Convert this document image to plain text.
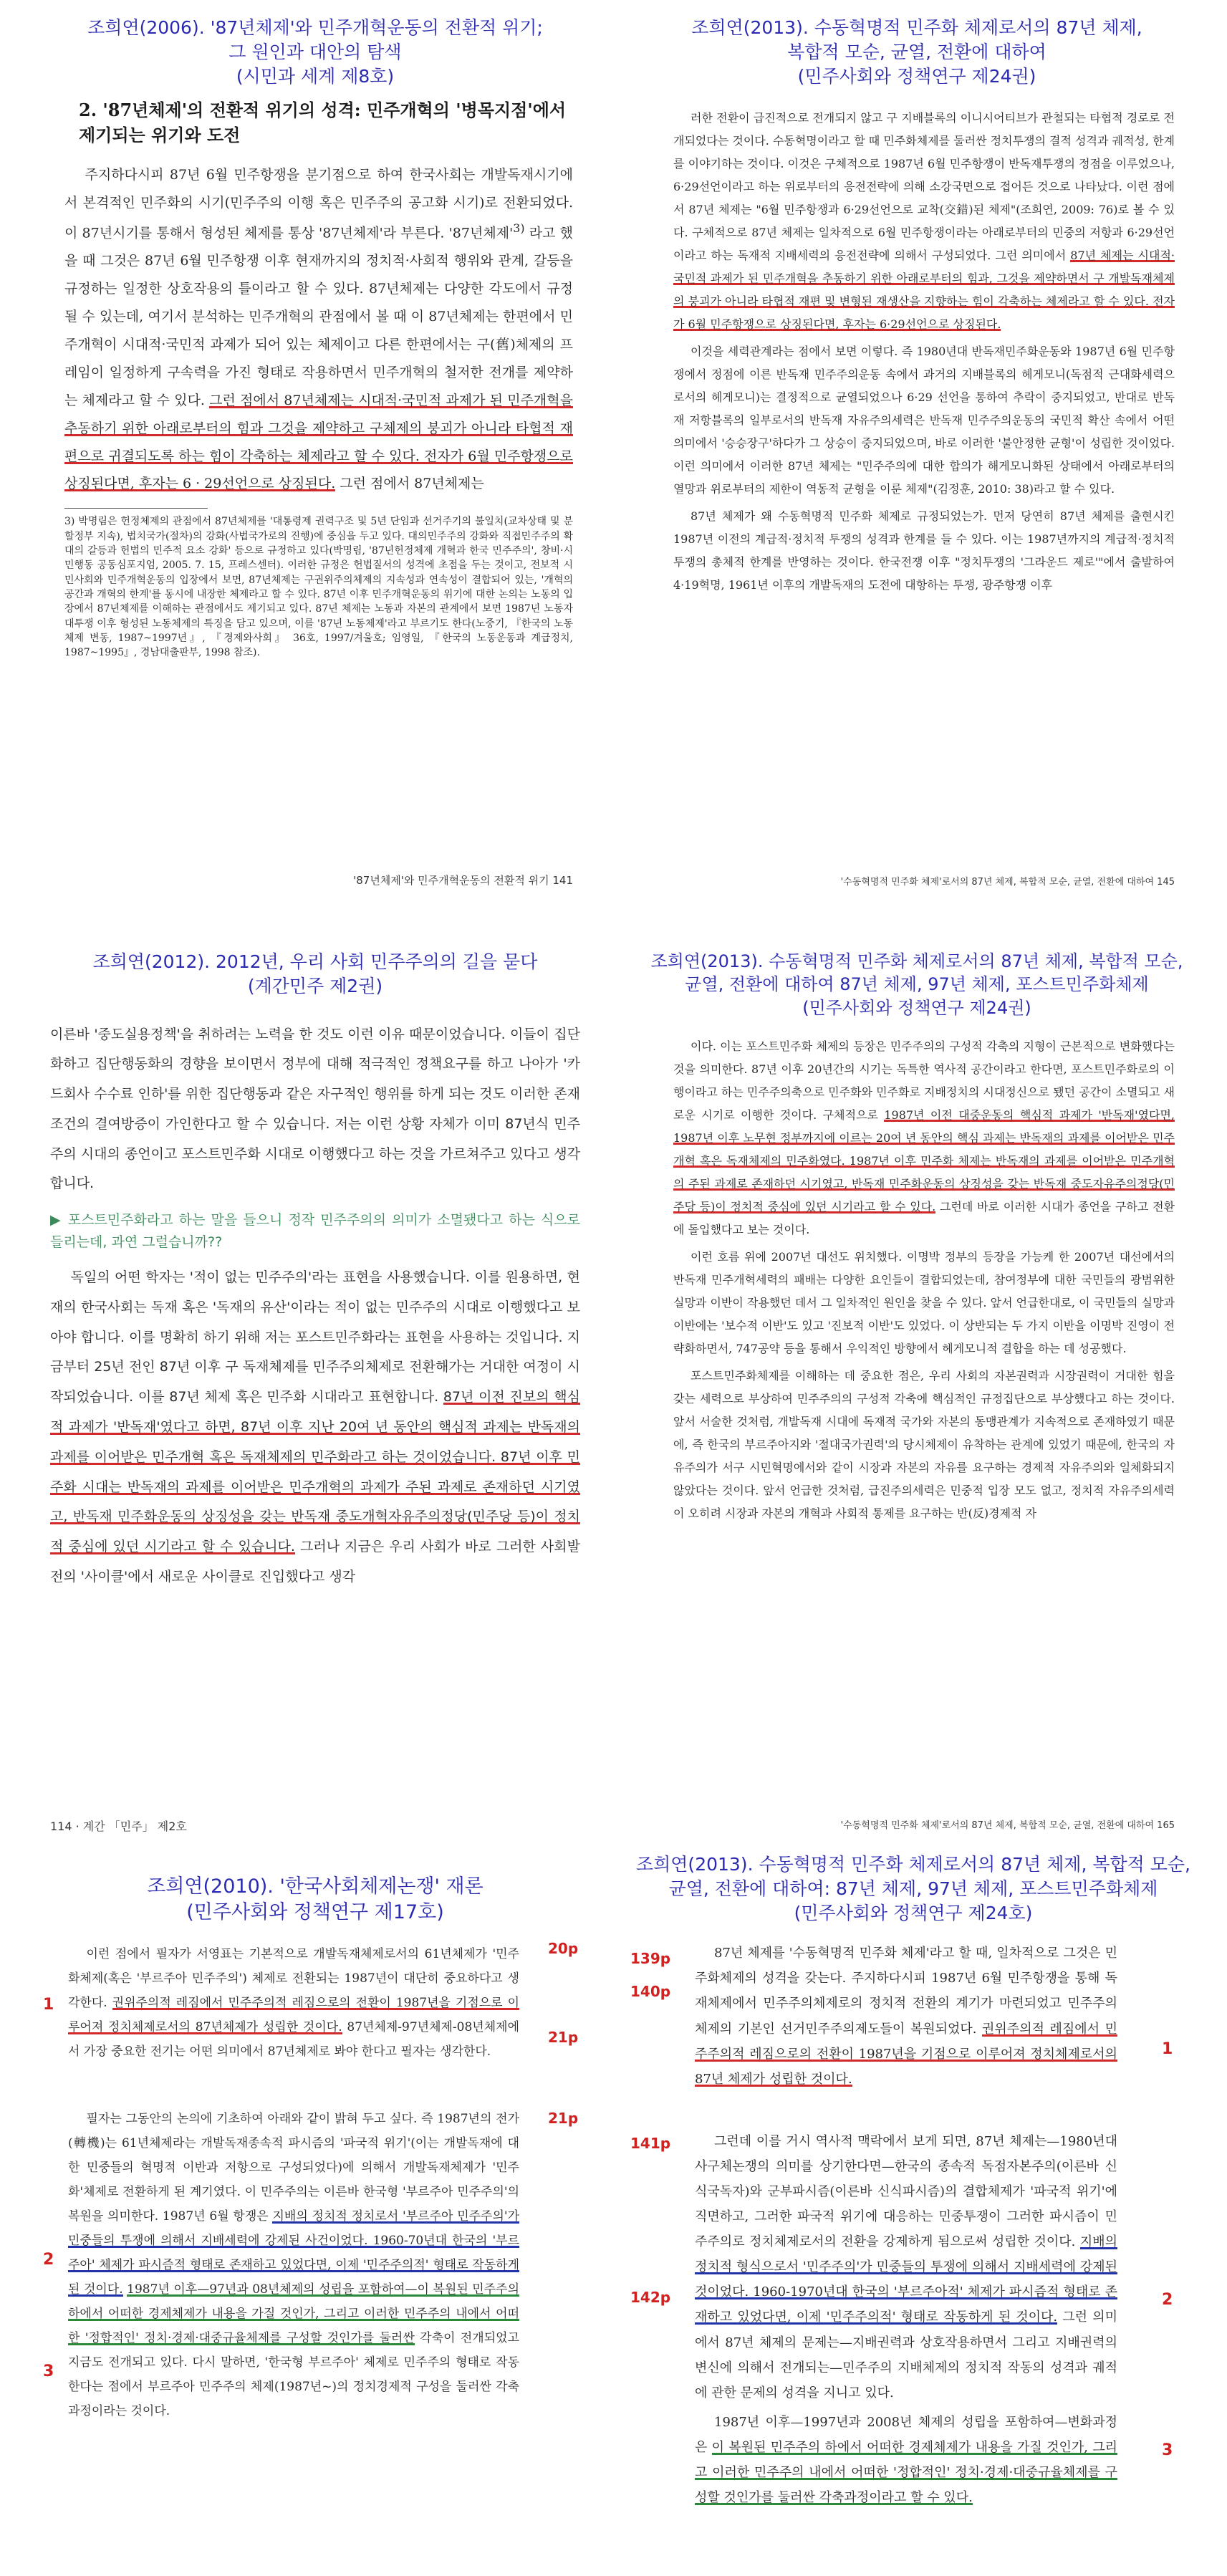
조희연(2006). '87년체제'와 민주개혁운동의 전환적 위기;
그 원인과 대안의 탐색
(시민과 세계 제8호)
2. '87년체제'의 전환적 위기의 성격: 민주개혁의 '병목지점'에서 제기되는 위기와 도전

주지하다시피 87년 6월 민주항쟁을 분기점으로 하여 한국사회는 개발독재시기에서 본격적인 민주화의 시기(민주주의 이행 혹은 민주주의 공고화 시기)로 전환되었다. 이 87년시기를 통해서 형성된 체제를 통상 '87년체제'라 부른다. '87년체제'$^{3)}$ 라고 했을 때 그것은 87년 6월 민주항쟁 이후 현재까지의 정치적·사회적 행위와 관계, 갈등을 규정하는 일정한 상호작용의 틀이라고 할 수 있다. 87년체제는 다양한 각도에서 규정될 수 있는데, 여기서 분석하는 민주개혁의 관점에서 볼 때 이 87년체제는 한편에서 민주개혁이 시대적·국민적 과제가 되어 있는 체제이고 다른 한편에서는 구(舊)체제의 프레임이 일정하게 구속력을 가진 형태로 작용하면서 민주개혁의 철저한 전개를 제약하는 체제라고 할 수 있다. 그런 점에서 87년체제는 시대적·국민적 과제가 된 민주개혁을 추동하기 위한 아래로부터의 힘과 그것을 제약하고 구체제의 붕괴가 아니라 타협적 재편으로 귀결되도록 하는 힘이 각축하는 체제라고 할 수 있다. 전자가 6월 민주항쟁으로 상징된다면, 후자는 6 · 29선언으로 상징된다. 그런 점에서 87년체제는

3) 박명림은 헌정체제의 관점에서 87년체제를 '대통령제 권력구조 및 5년 단임과 선거주기의 불일치(교차상태 및 분할정부 지속), 법치국가(절차)의 강화(사법국가로의 진행)에 중심을 두고 있다. 대의민주주의 강화와 직접민주주의 확대의 갈등과 헌법의 민주적 요소 강화' 등으로 규정하고 있다(박명림, '87년헌정체제 개혁과 한국 민주주의', 창비·시민행동 공동심포지엄, 2005. 7. 15, 프레스센터). 이러한 규정은 헌법질서의 성격에 초점을 두는 것이고, 전보적 시민사회와 민주개혁운동의 입장에서 보면, 87년체제는 구권위주의체제의 지속성과 연속성이 결합되어 있는, '개혁의 공간과 개혁의 한계'를 동시에 내장한 체제라고 할 수 있다. 87년 이후 민주개혁운동의 위기에 대한 논의는 노동의 입장에서 87년체제를 이해하는 관점에서도 제기되고 있다. 87년 체제는 노동과 자본의 관계에서 보면 1987년 노동자 대투쟁 이후 형성된 노동체제의 특징을 담고 있으며, 이를 '87년 노동체제'라고 부르기도 한다(노중기, 『한국의 노동체제 변동, 1987~1997년』, 『경제와사회』 36호, 1997/겨울호; 임영일, 『한국의 노동운동과 계급정치, 1987~1995』, 경남대출판부, 1998 참조).
'87년체제'와 민주개혁운동의 전환적 위기 141
조희연(2013). 수동혁명적 민주화 체제로서의 87년 체제,
복합적 모순, 균열, 전환에 대하여
(민주사회와 정책연구 제24권)

러한 전환이 급진적으로 전개되지 않고 구 지배블록의 이니시어티브가 관철되는 타협적 경로로 전개되었다는 것이다. 수동혁명이라고 할 때 민주화체제를 둘러싼 정치투쟁의 결적 성격과 궤적성, 한계를 이야기하는 것이다. 이것은 구체적으로 1987년 6월 민주항쟁이 반독재투쟁의 정점을 이루었으나, 6·29선언이라고 하는 위로부터의 응전전략에 의해 소강국면으로 접어든 것으로 나타났다. 이런 점에서 87년 체제는 "6월 민주항쟁과 6·29선언으로 교착(交錯)된 체제"(조희연, 2009: 76)로 볼 수 있다. 구체적으로 87년 체제는 일차적으로 6월 민주항쟁이라는 아래로부터의 민중의 저항과 6·29선언이라고 하는 독재적 지배세력의 응전전략에 의해서 구성되었다. 그런 의미에서 87년 체제는 시대적·국민적 과제가 된 민주개혁을 추동하기 위한 아래로부터의 힘과, 그것을 제약하면서 구 개발독재체제의 붕괴가 아니라 타협적 재편 및 변형된 재생산을 지향하는 힘이 각축하는 체제라고 할 수 있다. 전자가 6월 민주항쟁으로 상징된다면, 후자는 6·29선언으로 상징된다.

이것을 세력관계라는 점에서 보면 이렇다. 즉 1980년대 반독재민주화운동와 1987년 6월 민주항쟁에서 정점에 이른 반독재 민주주의운동 속에서 과거의 지배블록의 헤게모니(독점적 근대화세력으로서의 헤게모니)는 결정적으로 균열되었으나 6·29 선언을 통하여 추락이 중지되었고, 반대로 반독재 저항블록의 일부로서의 반독재 자유주의세력은 반독재 민주주의운동의 국민적 확산 속에서 어떤 의미에서 '승승장구'하다가 그 상승이 중지되었으며, 바로 이러한 '불안정한 균형'이 성립한 것이었다. 이런 의미에서 이러한 87년 체제는 "민주주의에 대한 합의가 해게모니화된 상태에서 아래로부터의 열망과 위로부터의 제한이 역동적 균형을 이룬 체제"(김정훈, 2010: 38)라고 할 수 있다.

87년 체제가 왜 수동혁명적 민주화 체제로 규정되었는가. 먼저 당연히 87년 체제를 출현시킨 1987년 이전의 계급적·정치적 투쟁의 성격과 한계를 들 수 있다. 이는 1987년까지의 계급적·정치적 투쟁의 총체적 한계를 반영하는 것이다. 한국전쟁 이후 "정치투쟁의 '그라운드 제로'"에서 출발하여 4·19혁명, 1961년 이후의 개발독재의 도전에 대항하는 투쟁, 광주항쟁 이후

'수동혁명적 민주화 체제'로서의 87년 체제, 복합적 모순, 균열, 전환에 대하여 145
조희연(2012). 2012년, 우리 사회 민주주의의 길을 묻다
(계간민주 제2권)

이른바 '중도실용정책'을 취하려는 노력을 한 것도 이런 이유 때문이었습니다. 이들이 집단화하고 집단행동화의 경향을 보이면서 정부에 대해 적극적인 정책요구를 하고 나아가 '카드회사 수수료 인하'를 위한 집단행동과 같은 자구적인 행위를 하게 되는 것도 이러한 존재조건의 결여방증이 가인한다고 할 수 있습니다. 저는 이런 상황 자체가 이미 87년식 민주주의 시대의 종언이고 포스트민주화 시대로 이행했다고 하는 것을 가르쳐주고 있다고 생각합니다.

▶ 포스트민주화라고 하는 말을 들으니 정작 민주주의의 의미가 소멸됐다고 하는 식으로 들리는데, 과연 그럴습니까??

독일의 어떤 학자는 '적이 없는 민주주의'라는 표현을 사용했습니다. 이를 원용하면, 현재의 한국사회는 독재 혹은 '독재의 유산'이라는 적이 없는 민주주의 시대로 이행했다고 보아야 합니다. 이를 명확히 하기 위해 저는 포스트민주화라는 표현을 사용하는 것입니다. 지금부터 25년 전인 87년 이후 구 독재체제를 민주주의체제로 전환해가는 거대한 여정이 시작되었습니다. 이를 87년 체제 혹은 민주화 시대라고 표현합니다. 87년 이전 진보의 핵심적 과제가 '반독재'였다고 하면, 87년 이후 지난 20여 년 동안의 핵심적 과제는 반독재의 과제를 이어받은 민주개혁 혹은 독재체제의 민주화라고 하는 것이었습니다. 87년 이후 민주화 시대는 반독재의 과제를 이어받은 민주개혁의 과제가 주된 과제로 존재하던 시기였고, 반독재 민주화운동의 상징성을 갖는 반독재 중도개혁자유주의정당(민주당 등)이 정치적 중심에 있던 시기라고 할 수 있습니다. 그러나 지금은 우리 사회가 바로 그러한 사회발전의 '사이클'에서 새로운 사이클로 진입했다고 생각

114 · 계간 「민주」 제2호
조희연(2013). 수동혁명적 민주화 체제로서의 87년 체제, 복합적 모순,
균열, 전환에 대하여 87년 체제, 97년 체제, 포스트민주화체제
(민주사회와 정책연구 제24권)

이다. 이는 포스트민주화 체제의 등장은 민주주의의 구성적 각축의 지형이 근본적으로 변화했다는 것을 의미한다. 87년 이후 20년간의 시기는 독특한 역사적 공간이라고 한다면, 포스트민주화로의 이행이라고 하는 민주주의축으로 민주화와 민주화로 지배정치의 시대정신으로 됐던 공간이 소멸되고 새로운 시기로 이행한 것이다. 구체적으로 1987년 이전 대중운동의 핵심적 과제가 '반독재'였다면, 1987년 이후 노무현 정부까지에 이르는 20여 년 동안의 핵심 과제는 반독재의 과제를 이어받은 민주개혁 혹은 독재체제의 민주화였다. 1987년 이후 민주화 체제는 반독재의 과제를 이어받은 민주개혁의 주된 과제로 존재하던 시기였고, 반독재 민주화운동의 상징성을 갖는 반독재 중도자유주의정당(민주당 등)이 정치적 중심에 있던 시기라고 할 수 있다. 그런데 바로 이러한 시대가 종언을 구하고 전환에 돌입했다고 보는 것이다.

이런 호름 위에 2007년 대선도 위치했다. 이명박 정부의 등장을 가능케 한 2007년 대선에서의 반독재 민주개혁세력의 패배는 다양한 요인들이 결합되었는데, 참여정부에 대한 국민들의 광범위한 실망과 이반이 작용했던 데서 그 일차적인 원인을 찾을 수 있다. 앞서 언급한대로, 이 국민들의 실망과 이반에는 '보수적 이반'도 있고 '진보적 이반'도 있었다. 이 상반되는 두 가지 이반을 이명박 진영이 전략화하면서, 747공약 등을 통해서 우익적인 방향에서 헤게모니적 결합을 하는 데 성공했다.

포스트민주화체제를 이해하는 데 중요한 점은, 우리 사회의 자본권력과 시장권력이 거대한 힘을 갖는 세력으로 부상하여 민주주의의 구성적 각축에 핵심적인 규정집단으로 부상했다고 하는 것이다. 앞서 서술한 것처럼, 개발독재 시대에 독재적 국가와 자본의 동맹관계가 지속적으로 존재하였기 때문에, 즉 한국의 부르주아지와 '절대국가권력'의 당시체제이 유착하는 관계에 있었기 때문에, 한국의 자유주의가 서구 시민혁명에서와 같이 시장과 자본의 자유를 요구하는 경제적 자유주의와 일체화되지 않았다는 것이다. 앞서 언급한 것처럼, 급진주의세력은 민중적 입장 모도 없고, 정치적 자유주의세력이 오히려 시장과 자본의 개혁과 사회적 통제를 요구하는 반(反)경제적 자

'수동혁명적 민주화 체제'로서의 87년 체제, 복합적 모순, 균열, 전환에 대하여 165
조희연(2010). '한국사회체제논쟁' 재론
(민주사회와 정책연구 제17호)

이런 점에서 필자가 서영표는 기본적으로 개발독재체제로서의 61년체제가 '민주화체제(혹은 '부르주아 민주주의') 체제로 전환되는 1987년이 대단히 중요하다고 생각한다. 권위주의적 레짐에서 민주주의적 레짐으로의 전환이 1987년을 기점으로 이루어져 정치체제로서의 87년체제가 성립한 것이다. 87년체제-97년체제-08년체제에서 가장 중요한 전기는 어떤 의미에서 87년체제로 봐야 한다고 필자는 생각한다.

필자는 그동안의 논의에 기초하여 아래와 같이 밝혀 두고 싶다. 즉 1987년의 전가(轉機)는 61년체제라는 개발독재종속적 파시즘의 '파국적 위기'(이는 개발독재에 대한 민중들의 혁명적 이반과 저항으로 구성되었다)에 의해서 개발독재체제가 '민주화'체제로 전환하게 된 계기였다. 이 민주주의는 이른바 한국형 '부르주아 민주주의'의 복원을 의미한다. 1987년 6월 항쟁은 지배의 정치적 정치로서 '부르주아 민주주의'가 민중들의 투쟁에 의해서 지배세력에 강제된 사건이었다. 1960-70년대 한국의 '부르주아' 체제가 파시즘적 형태로 존재하고 있었다면, 이제 '민주주의적' 형태로 작동하게 된 것이다. 1987년 이후—97년과 08년체제의 성립을 포함하여—이 복원된 민주주의 하에서 어떠한 경제체제가 내용을 가질 것인가, 그리고 이러한 민주주의 내에서 어떠한 '정합적인' 정치·경제·대중규율체제를 구성할 것인가를 둘러싼 각축이 전개되었고 지금도 전개되고 있다. 다시 말하면, '한국형 부르주아' 체제로 민주주의 형태로 작동한다는 점에서 부르주아 민주주의 체제(1987년~)의 정치경제적 구성을 둘러싼 각축과정이라는 것이다.

20p
21p
21p
1
2
3
조희연(2013). 수동혁명적 민주화 체제로서의 87년 체제, 복합적 모순,
균열, 전환에 대하여: 87년 체제, 97년 체제, 포스트민주화체제
(민주사회와 정책연구 제24호)

87년 체제를 '수동혁명적 민주화 체제'라고 할 때, 일차적으로 그것은 민주화체제의 성격을 갖는다. 주지하다시피 1987년 6월 민주항쟁을 통해 독재체제에서 민주주의체제로의 정치적 전환의 계기가 마련되었고 민주주의체제의 기본인 선거민주주의제도들이 복원되었다. 권위주의적 레짐에서 민주주의적 레짐으로의 전환이 1987년을 기점으로 이루어져 정치체제로서의 87년 체제가 성립한 것이다.

그런데 이를 거시 역사적 맥락에서 보게 되면, 87년 체제는—1980년대 사구체논쟁의 의미를 상기한다면—한국의 종속적 독점자본주의(이른바 신식국독자)와 군부파시즘(이른바 신식파시즘)의 결합체제가 '파국적 위기'에 직면하고, 그러한 파국적 위기에 대응하는 민중투쟁이 그러한 파시즘이 민주주의로 정치체제로서의 전환을 강제하게 됨으로써 성립한 것이다. 지배의 정치적 형식으로서 '민주주의'가 민중들의 투쟁에 의해서 지배세력에 강제된 것이었다. 1960-1970년대 한국의 '부르주아적' 체제가 파시즘적 형태로 존재하고 있었다면, 이제 '민주주의적' 형태로 작동하게 된 것이다. 그런 의미에서 87년 체제의 문제는—지배권력과 상호작용하면서 그리고 지배권력의 변신에 의해서 전개되는—민주주의 지배체제의 정치적 작동의 성격과 궤적에 관한 문제의 성격을 지니고 있다.

1987년 이후—1997년과 2008년 체제의 성립을 포함하여—변화과정은 이 복원된 민주주의 하에서 어떠한 경제체제가 내용을 가질 것인가, 그리고 이러한 민주주의 내에서 어떠한 '정합적인' 정치·경제·대중규율체제를 구성할 것인가를 둘러싼 각축과정이라고 할 수 있다.

139p
140p
141p
142p
1
2
3
